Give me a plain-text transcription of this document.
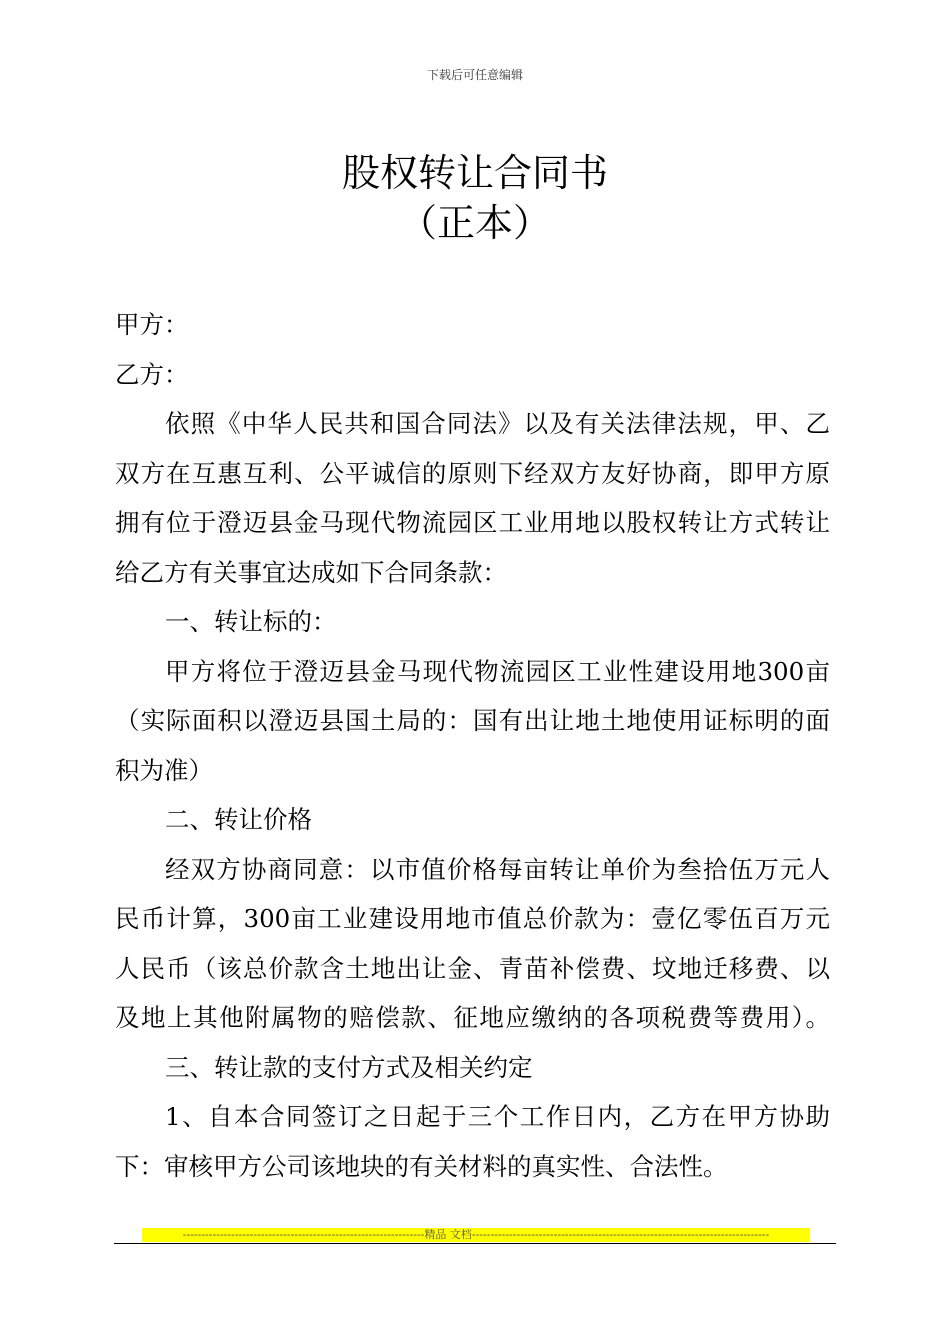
下载后可任意编辑
股权转让合同书
（正本）
甲方：
乙方：
依照《中华人民共和国合同法》以及有关法律法规，甲、乙
双方在互惠互利、公平诚信的原则下经双方友好协商，即甲方原
拥有位于澄迈县金马现代物流园区工业用地以股权转让方式转让
给乙方有关事宜达成如下合同条款：
一、转让标的：
甲方将位于澄迈县金马现代物流园区工业性建设用地300亩
（实际面积以澄迈县国土局的：国有出让地土地使用证标明的面
积为准）
二、转让价格
经双方协商同意：以市值价格每亩转让单价为叁拾伍万元人
民币计算，300亩工业建设用地市值总价款为：壹亿零伍百万元
人民币（该总价款含土地出让金、青苗补偿费、坟地迁移费、以
及地上其他附属物的赔偿款、征地应缴纳的各项税费等费用）。
三、转让款的支付方式及相关约定
1、自本合同签订之日起于三个工作日内，乙方在甲方协助
下：审核甲方公司该地块的有关材料的真实性、合法性。
-----------------------------------------------------------------精品 文档--------------------------------------------------------------------------------
